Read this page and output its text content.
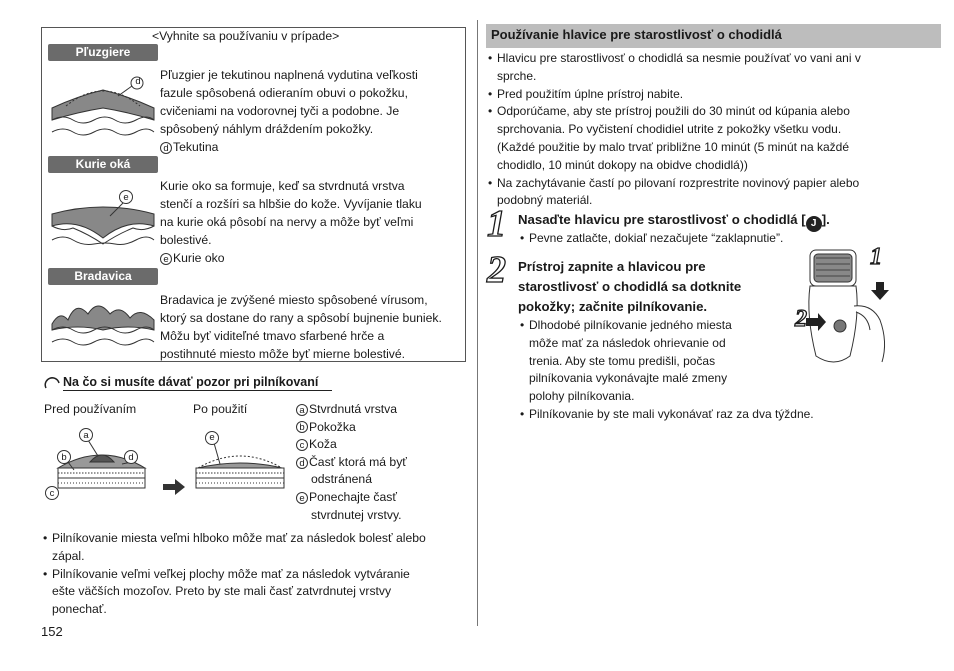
<Vyhnite sa používaniu v prípade>
Pľuzgiere
d Pľuzgier je tekutinou naplnená vydutina veľkosti
fazule spôsobená odieraním obuvi o pokožku,
cvičeniami na vodorovnej tyči a podobne. Je
spôsobený náhlym dráždením pokožky.
d Tekutina
Kurie oká
e
Kurie oko sa formuje, keď sa stvrdnutá vrstva
stenčí a rozšíri sa hlbšie do kože. Vyvíjanie tlaku
na kurie oká pôsobí na nervy a môže byť veľmi
bolestivé.
e Kurie oko
Bradavica
Bradavica je zvýšené miesto spôsobené vírusom,
ktorý sa dostane do rany a spôsobí bujnenie buniek.
Môžu byť viditeľné tmavo sfarbené hrče a
postihnuté miesto môže byť mierne bolestivé.
Na čo si musíte dávať pozor pri pilníkovaní
Pred používaním	Po použití
a
b	d
c
e
a Stvrdnutá vrstva
b Pokožka
c Koža
d Časť ktorá má byť
odstránená
e Ponechajte časť
stvrdnutej vrstvy.
• Pilníkovanie miesta veľmi hlboko môže mať za následok bolesť alebo
zápal.
• Pilníkovanie veľmi veľkej plochy môže mať za následok vytváranie
ešte väčších mozoľov. Preto by ste mali časť zatvrdnutej vrstvy
ponechať.
152
Používanie hlavice pre starostlivosť o chodidlá
• Hlavicu pre starostlivosť o chodidlá sa nesmie používať vo vani ani v
sprche.
• Pred použitím úplne prístroj nabite.
• Odporúčame, aby ste prístroj použili do 30 minút od kúpania alebo
sprchovania. Po vyčistení chodidiel utrite z pokožky všetku vodu.
(Každé použitie by malo trvať približne 10 minút (5 minút na každé
chodidlo, 10 minút dokopy na obidve chodidlá))
• Na zachytávanie častí po pilovaní rozprestrite novinový papier alebo
podobný materiál.
1 Nasaďte hlavicu pre starostlivosť o chodidlá [ J ].
• Pevne zatlačte, dokiaľ nezačujete “zaklapnutie”.
2 Prístroj zapnite a hlavicou pre
starostlivosť o chodidlá sa dotknite
pokožky; začnite pilníkovanie.
• Dlhodobé pilníkovanie jedného miesta
môže mať za následok ohrievanie od
trenia. Aby ste tomu predišli, počas
pilníkovania vykonávajte malé zmeny
polohy pilníkovania.
• Pilníkovanie by ste mali vykonávať raz za dva týždne.
1
2
